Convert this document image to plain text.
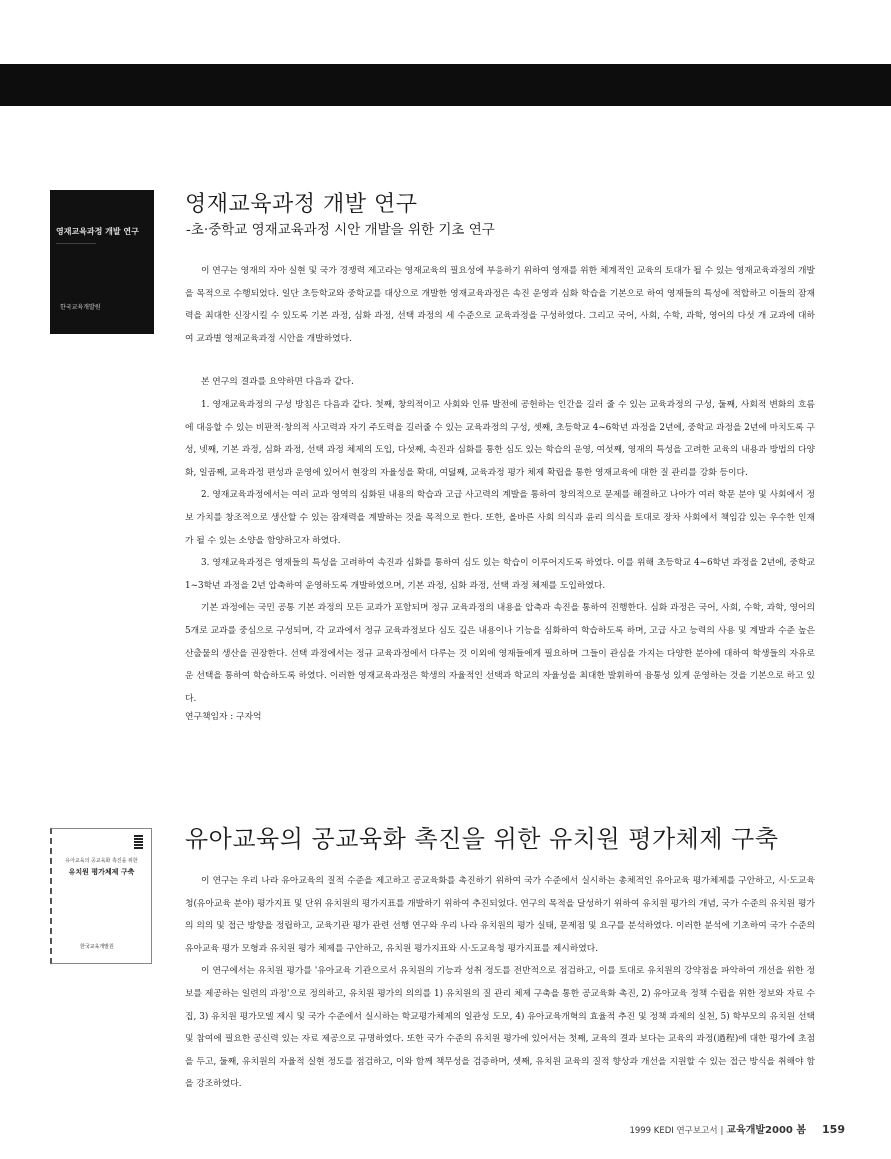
영재교육과정 개발 연구
——————————
한국교육개발원
영재교육과정 개발 연구
-초·중학교 영재교육과정 시안 개발을 위한 기초 연구

이 연구는 영재의 자아 실현 및 국가 경쟁력 제고라는 영재교육의 필요성에 부응하기 위하여 영재를 위한 체계적인 교육의 토대가 될 수 있는 영재교육과정의 개발을 목적으로 수행되었다. 일단 초등학교와 중학교를 대상으로 개발한 영재교육과정은 속진 운영과 심화 학습을 기본으로 하여 영재들의 특성에 적합하고 이들의 잠재력을 최대한 신장시킬 수 있도록 기본 과정, 심화 과정, 선택 과정의 세 수준으로 교육과정을 구성하였다. 그리고 국어, 사회, 수학, 과학, 영어의 다섯 개 교과에 대하여 교과별 영재교육과정 시안을 개발하였다.

본 연구의 결과를 요약하면 다음과 같다.

1. 영재교육과정의 구성 방침은 다음과 같다. 첫째, 창의적이고 사회와 인류 발전에 공헌하는 인간을 길러 줄 수 있는 교육과정의 구성, 둘째, 사회적 변화의 흐름에 대응할 수 있는 비판적·창의적 사고력과 자기 주도력을 길러줄 수 있는 교육과정의 구성, 셋째, 초등학교 4~6학년 과정을 2년에, 중학교 과정을 2년에 마치도록 구성, 넷째, 기본 과정, 심화 과정, 선택 과정 체제의 도입, 다섯째, 속진과 심화를 통한 심도 있는 학습의 운영, 여섯째, 영재의 특성을 고려한 교육의 내용과 방법의 다양화, 일곱째, 교육과정 편성과 운영에 있어서 현장의 자율성을 확대, 여덟째, 교육과정 평가 체제 확립을 통한 영재교육에 대한 질 관리를 강화 등이다.

2. 영재교육과정에서는 여러 교과 영역의 심화된 내용의 학습과 고급 사고력의 계발을 통하여 창의적으로 문제를 해결하고 나아가 여러 학문 분야 및 사회에서 정보 가치를 창조적으로 생산할 수 있는 잠재력을 계발하는 것을 목적으로 한다. 또한, 올바른 사회 의식과 윤리 의식을 토대로 장차 사회에서 책임감 있는 우수한 인재가 될 수 있는 소양을 함양하고자 하였다.

3. 영재교육과정은 영재들의 특성을 고려하여 속진과 심화를 통하여 심도 있는 학습이 이루어지도록 하였다. 이를 위해 초등학교 4~6학년 과정을 2년에, 중학교 1~3학년 과정을 2년 압축하여 운영하도록 개발하였으며, 기본 과정, 심화 과정, 선택 과정 체제를 도입하였다.

기본 과정에는 국민 공통 기본 과정의 모든 교과가 포함되며 정규 교육과정의 내용을 압축과 속진을 통하여 진행한다. 심화 과정은 국어, 사회, 수학, 과학, 영어의 5개로 교과를 중심으로 구성되며, 각 교과에서 정규 교육과정보다 심도 깊은 내용이나 기능을 심화하여 학습하도록 하며, 고급 사고 능력의 사용 및 계발과 수준 높은 산출물의 생산을 권장한다. 선택 과정에서는 정규 교육과정에서 다루는 것 이외에 영재들에게 필요하며 그들이 관심을 가지는 다양한 분야에 대하여 학생들의 자유로운 선택을 통하여 학습하도록 하였다. 이러한 영재교육과정은 학생의 자율적인 선택과 학교의 자율성을 최대한 발휘하여 융통성 있게 운영하는 것을 기본으로 하고 있다.

연구책임자 : 구자억
유아교육의 공교육화 촉진을 위한
유치원 평가체제 구축
한국교육개발원
유아교육의 공교육화 촉진을 위한 유치원 평가체제 구축

이 연구는 우리 나라 유아교육의 질적 수준을 제고하고 공교육화를 촉진하기 위하여 국가 수준에서 실시하는 총체적인 유아교육 평가체제를 구안하고, 시·도교육청(유아교육 분야) 평가지표 및 단위 유치원의 평가지표를 개발하기 위하여 추진되었다. 연구의 목적을 달성하기 위하여 유치원 평가의 개념, 국가 수준의 유치원 평가의 의의 및 접근 방향을 정립하고, 교육기관 평가 관련 선행 연구와 우리 나라 유치원의 평가 실태, 문제점 및 요구를 분석하였다. 이러한 분석에 기초하여 국가 수준의 유아교육 평가 모형과 유치원 평가 체제를 구안하고, 유치원 평가지표와 시·도교육청 평가지표를 제시하였다.

이 연구에서는 유치원 평가를 '유아교육 기관으로서 유치원의 기능과 성취 정도를 전반적으로 점검하고, 이를 토대로 유치원의 강약점을 파악하여 개선을 위한 정보를 제공하는 일련의 과정'으로 정의하고, 유치원 평가의 의의를 1) 유치원의 질 관리 체제 구축을 통한 공교육화 촉진, 2) 유아교육 정책 수립을 위한 정보와 자료 수집, 3) 유치원 평가모델 제시 및 국가 수준에서 실시하는 학교평가체제의 일관성 도모, 4) 유아교육개혁의 효율적 추진 및 정책 과제의 실천, 5) 학부모의 유치원 선택 및 참여에 필요한 공신력 있는 자료 제공으로 규명하였다. 또한 국가 수준의 유치원 평가에 있어서는 첫째, 교육의 결과 보다는 교육의 과정(過程)에 대한 평가에 초점을 두고, 둘째, 유치원의 자율적 실현 정도를 점검하고, 이와 함께 책무성을 검증하며, 셋째, 유치원 교육의 질적 향상과 개선을 지원할 수 있는 접근 방식을 취해야 함을 강조하였다.

1999 KEDI 연구보고서 | 교육개발2000 봄 159
